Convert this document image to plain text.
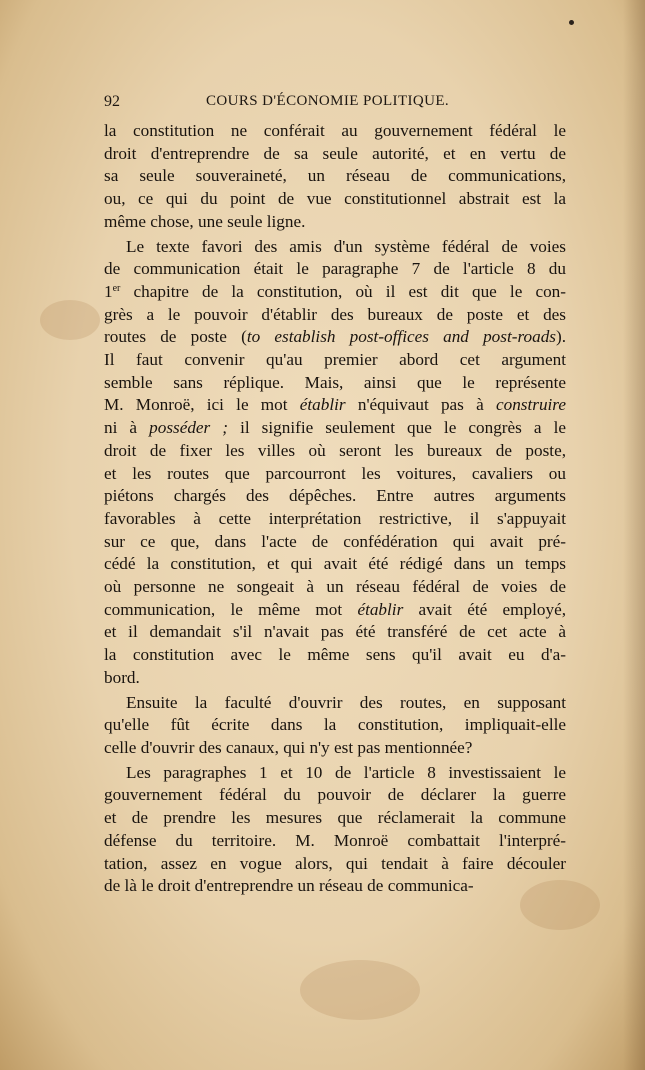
92	COURS D'ÉCONOMIE POLITIQUE.
la constitution ne conférait au gouvernement fédéral le
droit d'entreprendre de sa seule autorité, et en vertu de
sa seule souveraineté, un réseau de communications,
ou, ce qui du point de vue constitutionnel abstrait est la
même chose, une seule ligne.
Le texte favori des amis d'un système fédéral de voies
de communication était le paragraphe 7 de l'article 8 du
1er chapitre de la constitution, où il est dit que le con-
grès a le pouvoir d'établir des bureaux de poste et des
routes de poste (to establish post-offices and post-roads).
Il faut convenir qu'au premier abord cet argument
semble sans réplique. Mais, ainsi que le représente
M. Monroë, ici le mot établir n'équivaut pas à construire
ni à posséder ; il signifie seulement que le congrès a le
droit de fixer les villes où seront les bureaux de poste,
et les routes que parcourront les voitures, cavaliers ou
piétons chargés des dépêches. Entre autres arguments
favorables à cette interprétation restrictive, il s'appuyait
sur ce que, dans l'acte de confédération qui avait pré-
cédé la constitution, et qui avait été rédigé dans un temps
où personne ne songeait à un réseau fédéral de voies de
communication, le même mot établir avait été employé,
et il demandait s'il n'avait pas été transféré de cet acte à
la constitution avec le même sens qu'il avait eu d'a-
bord.
Ensuite la faculté d'ouvrir des routes, en supposant
qu'elle fût écrite dans la constitution, impliquait-elle
celle d'ouvrir des canaux, qui n'y est pas mentionnée?
Les paragraphes 1 et 10 de l'article 8 investissaient le
gouvernement fédéral du pouvoir de déclarer la guerre
et de prendre les mesures que réclamerait la commune
défense du territoire. M. Monroë combattait l'interpré-
tation, assez en vogue alors, qui tendait à faire découler
de là le droit d'entreprendre un réseau de communica-
